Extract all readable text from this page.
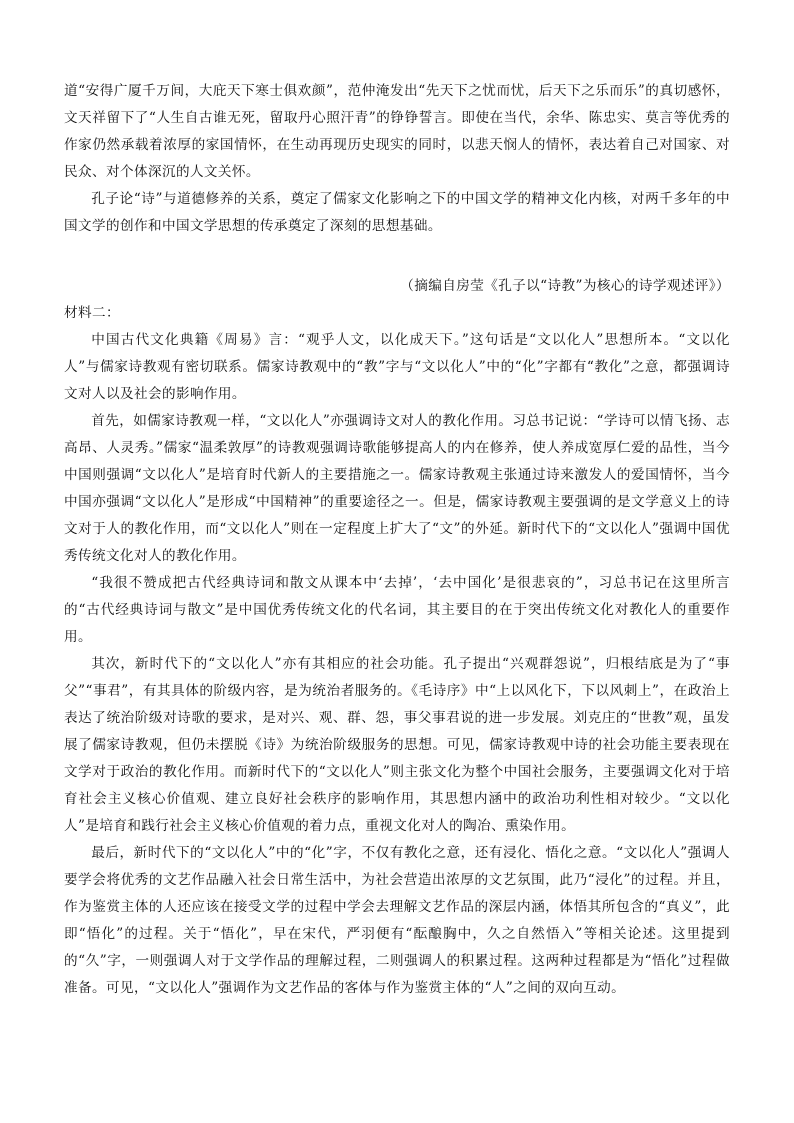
道“安得广厦千万间，大庇天下寒士俱欢颜”，范仲淹发出“先天下之忧而忧，后天下之乐而乐”的真切感怀，文天祥留下了“人生自古谁无死，留取丹心照汗青”的铮铮誓言。即使在当代，余华、陈忠实、莫言等优秀的作家仍然承载着浓厚的家国情怀，在生动再现历史现实的同时，以悲天悯人的情怀，表达着自己对国家、对民众、对个体深沉的人文关怀。

孔子论“诗”与道德修养的关系，奠定了儒家文化影响之下的中国文学的精神文化内核，对两千多年的中国文学的创作和中国文学思想的传承奠定了深刻的思想基础。

（摘编自房莹《孔子以“诗教”为核心的诗学观述评》）

材料二：

中国古代文化典籍《周易》言：“观乎人文，以化成天下。”这句话是“文以化人”思想所本。“文以化人”与儒家诗教观有密切联系。儒家诗教观中的“教”字与“文以化人”中的“化”字都有“教化”之意，都强调诗文对人以及社会的影响作用。

首先，如儒家诗教观一样，“文以化人”亦强调诗文对人的教化作用。习总书记说：“学诗可以情飞扬、志高昂、人灵秀。”儒家“温柔敦厚”的诗教观强调诗歌能够提高人的内在修养，使人养成宽厚仁爱的品性，当今中国则强调“文以化人”是培育时代新人的主要措施之一。儒家诗教观主张通过诗来激发人的爱国情怀，当今中国亦强调“文以化人”是形成“中国精神”的重要途径之一。但是，儒家诗教观主要强调的是文学意义上的诗文对于人的教化作用，而“文以化人”则在一定程度上扩大了“文”的外延。新时代下的“文以化人”强调中国优秀传统文化对人的教化作用。

“我很不赞成把古代经典诗词和散文从课本中‘去掉’，‘去中国化’是很悲哀的”，习总书记在这里所言的“古代经典诗词与散文”是中国优秀传统文化的代名词，其主要目的在于突出传统文化对教化人的重要作用。

其次，新时代下的“文以化人”亦有其相应的社会功能。孔子提出“兴观群怨说”，归根结底是为了“事父”“事君”，有其具体的阶级内容，是为统治者服务的。《毛诗序》中“上以风化下，下以风刺上”，在政治上表达了统治阶级对诗歌的要求，是对兴、观、群、怨，事父事君说的进一步发展。刘克庄的“世教”观，虽发展了儒家诗教观，但仍未摆脱《诗》为统治阶级服务的思想。可见，儒家诗教观中诗的社会功能主要表现在文学对于政治的教化作用。而新时代下的“文以化人”则主张文化为整个中国社会服务，主要强调文化对于培育社会主义核心价值观、建立良好社会秩序的影响作用，其思想内涵中的政治功利性相对较少。“文以化人”是培育和践行社会主义核心价值观的着力点，重视文化对人的陶冶、熏染作用。

最后，新时代下的“文以化人”中的“化”字，不仅有教化之意，还有浸化、悟化之意。“文以化人”强调人要学会将优秀的文艺作品融入社会日常生活中，为社会营造出浓厚的文艺氛围，此乃“浸化”的过程。并且，作为鉴赏主体的人还应该在接受文学的过程中学会去理解文艺作品的深层内涵，体悟其所包含的“真义”，此即“悟化”的过程。关于“悟化”，早在宋代，严羽便有“酝酿胸中，久之自然悟入”等相关论述。这里提到的“久”字，一则强调人对于文学作品的理解过程，二则强调人的积累过程。这两种过程都是为“悟化”过程做准备。可见，“文以化人”强调作为文艺作品的客体与作为鉴赏主体的“人”之间的双向互动。
